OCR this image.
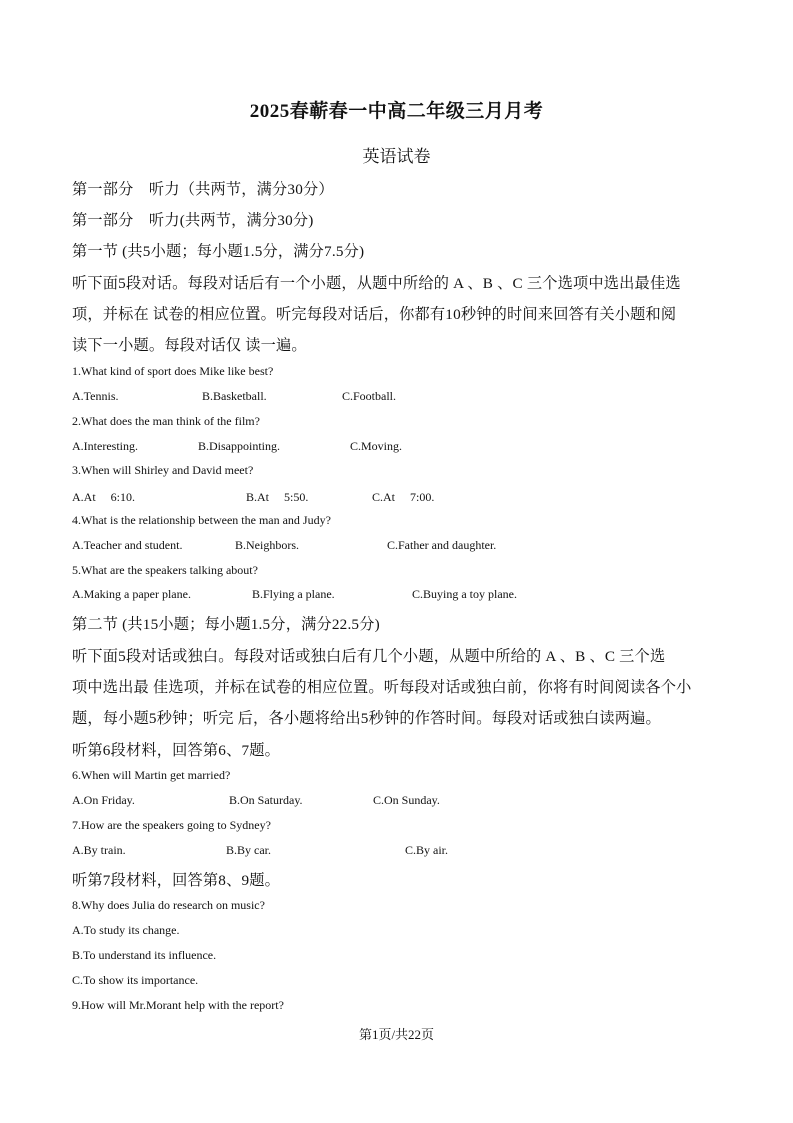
2025春蕲春一中高二年级三月月考
英语试卷
第一部分　听力（共两节，满分30分）
第一部分　听力(共两节，满分30分)
第一节 (共5小题；每小题1.5分，满分7.5分)
听下面5段对话。每段对话后有一个小题，从题中所给的 A 、B 、C 三个选项中选出最佳选
项，并标在 试卷的相应位置。听完每段对话后，你都有10秒钟的时间来回答有关小题和阅
读下一小题。每段对话仅 读一遍。
1.What kind of sport does Mike like best?
A.Tennis.	B.Basketball.	C.Football.
2.What does the man think of the film?
A.Interesting.	B.Disappointing.	C.Moving.
3.When will Shirley and David meet?
A.At　 6:10.	B.At　 5:50.	C.At　 7:00.
4.What is the relationship between the man and Judy?
A.Teacher and student.	B.Neighbors.	C.Father and daughter.
5.What are the speakers talking about?
A.Making a paper plane.	B.Flying a plane.	C.Buying a toy plane.
第二节 (共15小题；每小题1.5分，满分22.5分)
听下面5段对话或独白。每段对话或独白后有几个小题，从题中所给的 A 、B 、C 三个选
项中选出最 佳选项，并标在试卷的相应位置。听每段对话或独白前，你将有时间阅读各个小
题，每小题5秒钟；听完 后，各小题将给出5秒钟的作答时间。每段对话或独白读两遍。
听第6段材料，回答第6、7题。
6.When will Martin get married?
A.On Friday.	B.On Saturday.	C.On Sunday.
7.How are the speakers going to Sydney?
A.By train.	B.By car.	C.By air.
听第7段材料，回答第8、9题。
8.Why does Julia do research on music?
A.To study its change.
B.To understand its influence.
C.To show its importance.
9.How will Mr.Morant help with the report?
第1页/共22页
